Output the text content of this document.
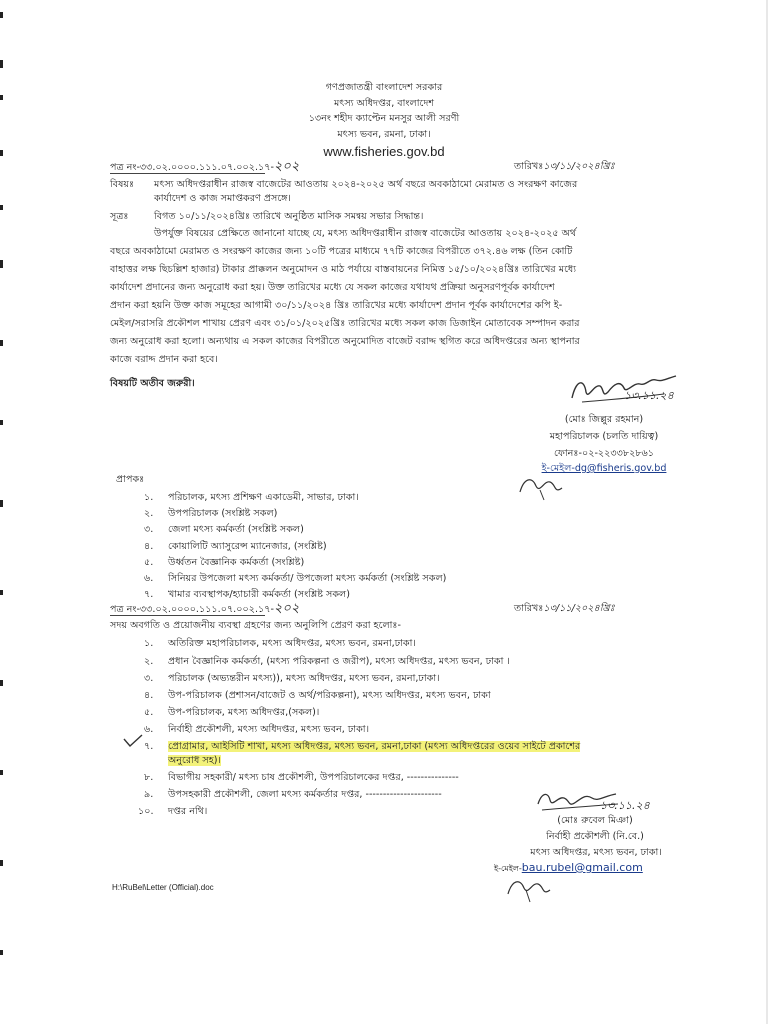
গণপ্রজাতন্ত্রী বাংলাদেশ সরকার
মৎস্য অধিদপ্তর, বাংলাদেশ
১৩নং শহীদ ক্যাপ্টেন মনসুর আলী সরণী
মৎস্য ভবন, রমনা, ঢাকা।
www.fisheries.gov.bd
পত্র নং-৩৩.০২.০০০০.১১১.০৭.০০২.১৭-২০২	তারিখঃ১৩/১১/২০২৪খ্রিঃ
বিষয়ঃ মৎস্য অধিদপ্তরাধীন রাজস্ব বাজেটের আওতায় ২০২৪-২০২৫ অর্থ বছরে অবকাঠামো মেরামত ও সংরক্ষণ কাজের
কার্যাদেশ ও কাজ সমাপ্তকরণ প্রসঙ্গে।
সূত্রঃ	বিগত ১০/১১/২০২৪খ্রিঃ তারিখে অনুষ্ঠিত মাসিক সমন্বয় সভার সিদ্ধান্ত।
উপর্যুক্ত বিষয়ের প্রেক্ষিতে জানানো যাচ্ছে যে, মৎস্য অধিদপ্তরাধীন রাজস্ব বাজেটের আওতায় ২০২৪-২০২৫ অর্থ
বছরে অবকাঠামো মেরামত ও সংরক্ষণ কাজের জন্য ১০টি পত্রের মাধ্যমে ৭৭টি কাজের বিপরীতে ৩৭২.৪৬ লক্ষ (তিন কোটি
বাহাত্তর লক্ষ ছিচল্লিশ হাজার) টাকার প্রাক্কলন অনুমোদন ও মাঠ পর্যায়ে বাস্তবায়নের নিমিত্ত ১৫/১০/২০২৪খ্রিঃ তারিখের মধ্যে
কার্যাদেশ প্রদানের জন্য অনুরোধ করা হয়। উক্ত তারিখের মধ্যে যে সকল কাজের যথাযথ প্রক্রিয়া অনুসরণপূর্বক কার্যাদেশ
প্রদান করা হয়নি উক্ত কাজ সমূহের আগামী ৩০/১১/২০২৪ খ্রিঃ তারিখের মধ্যে কার্যাদেশ প্রদান পূর্বক কার্যাদেশের কপি ই-
মেইল/সরাসরি প্রকৌশল শাখায় প্রেরণ এবং ৩১/০১/২০২৫খ্রিঃ তারিখের মধ্যে সকল কাজ ডিজাইন মোতাবেক সম্পাদন করার
জন্য অনুরোধ করা হলো। অন্যথায় এ সকল কাজের বিপরীতে অনুমোদিত বাজেট বরাদ্দ স্থগিত করে অধিদপ্তরের অন্য স্থাপনার
কাজে বরাদ্দ প্রদান করা হবে।
বিষয়টি অতীব জরুরী।
১৩.১১.২৪
(মোঃ জিল্লুর রহমান)
মহাপরিচালক (চলতি দায়িত্ব)
ফোনঃ-০২-২২৩৩৮২৮৬১
ই-মেইল-dg@fisheris.gov.bd
প্রাপকঃ
১. পরিচালক, মৎস্য প্রশিক্ষণ একাডেমী, সাভার, ঢাকা।
২. উপপরিচালক (সংশ্লিষ্ট সকল)
৩. জেলা মৎস্য কর্মকর্তা (সংশ্লিষ্ট সকল)
৪. কোয়ালিটি অ্যাসুরেন্স ম্যানেজার, (সংশ্লিষ্ট)
৫. উর্ধ্বতন বৈজ্ঞানিক কর্মকর্তা (সংশ্লিষ্ট)
৬. সিনিয়র উপজেলা মৎস্য কর্মকর্তা/ উপজেলা মৎস্য কর্মকর্তা (সংশ্লিষ্ট সকল)
৭. খামার ব্যবস্থাপক/হ্যাচারী কর্মকর্তা (সংশ্লিষ্ট সকল)
পত্র নং-৩৩.০২.০০০০.১১১.০৭.০০২.১৭-২০২	তারিখঃ১৩/১১/২০২৪খ্রিঃ
সদয় অবগতি ও প্রয়োজনীয় ব্যবস্থা গ্রহণের জন্য অনুলিপি প্রেরণ করা হলোঃ-
১. অতিরিক্ত মহাপরিচালক, মৎস্য অধিদপ্তর, মৎস্য ভবন, রমনা,ঢাকা।
২. প্রধান বৈজ্ঞানিক কর্মকর্তা, (মৎস্য পরিকল্পনা ও জরীপ), মৎস্য অধিদপ্তর, মৎস্য ভবন, ঢাকা ।
৩. পরিচালক (অভ্যন্তরীন মৎস্য)), মৎস্য অধিদপ্তর, মৎস্য ভবন, রমনা,ঢাকা।
৪. উপ-পরিচালক (প্রশাসন/বাজেট ও অর্থ/পরিকল্পনা), মৎস্য অধিদপ্তর, মৎস্য ভবন, ঢাকা
৫. উপ-পরিচালক, মৎস্য অধিদপ্তর,(সকল)।
৬. নির্বাহী প্রকৌশলী, মৎস্য অধিদপ্তর, মৎস্য ভবন, ঢাকা।
৭. প্রোগ্রামার, আইসিটি শাখা, মৎস্য অধিদপ্তর, মৎস্য ভবন, রমনা,ঢাকা (মৎস্য অধিদপ্তরের ওয়েব সাইটে প্রকাশের
অনুরোধ সহ)।
৮. বিভাগীয় সহকারী/ মৎস্য চাষ প্রকৌশলী, উপপরিচালকের দপ্তর, ---------------
৯. উপসহকারী প্রকৌশলী, জেলা মৎস্য কর্মকর্তার দপ্তর, ----------------------
১০. দপ্তর নথি।	১৩.১১.২৪
(মোঃ রুবেল মিঞা)
নির্বাহী প্রকৌশলী (নি.বে.)
মৎস্য অধিদপ্তর, মৎস্য ভবন, ঢাকা।
ই-মেইল-bau.rubel@gmail.com
H:\RuBel\Letter (Official).doc
